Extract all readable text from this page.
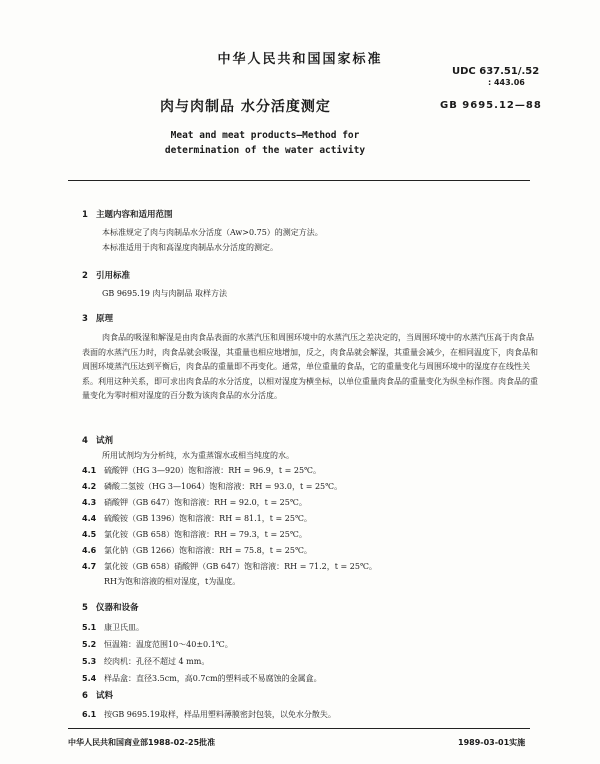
中华人民共和国国家标准
UDC 637.51/.52
: 443.06
肉与肉制品 水分活度测定	GB 9695.12—88
Meat and meat products—Method for
determination of the water activity
1 主题内容和适用范围
本标准规定了肉与肉制品水分活度（Aw>0.75）的测定方法。
本标准适用于肉和高湿度肉制品水分活度的测定。
2 引用标准
GB 9695.19 肉与肉制品 取样方法
3 原理
肉食品的吸湿和解湿是由肉食品表面的水蒸汽压和周围环境中的水蒸汽压之差决定的，当周围环境中的水蒸汽压高于肉食品表面的水蒸汽压力时，肉食品就会吸湿，其重量也相应地增加，反之，肉食品就会解湿，其重量会减少，在相同温度下，肉食品和周围环境蒸汽压达到平衡后，肉食品的重量即不再变化。通常，单位重量的食品，它的重量变化与周围环境中的湿度存在线性关系。利用这种关系，即可求出肉食品的水分活度，以相对湿度为横坐标，以单位重量肉食品的重量变化为纵坐标作图。肉食品的重量变化为零时相对湿度的百分数为该肉食品的水分活度。
4 试剂
所用试剂均为分析纯，水为重蒸馏水或相当纯度的水。
4.1 硫酸钾（HG 3—920）饱和溶液：RH = 96.9，t = 25℃。
4.2 磷酸二氢铵（HG 3—1064）饱和溶液：RH = 93.0，t = 25℃。
4.3 硝酸钾（GB 647）饱和溶液：RH = 92.0，t = 25℃。
4.4 硫酸铵（GB 1396）饱和溶液：RH = 81.1，t = 25℃。
4.5 氯化铵（GB 658）饱和溶液：RH = 79.3，t = 25℃。
4.6 氯化钠（GB 1266）饱和溶液：RH = 75.8，t = 25℃。
4.7 氯化铵（GB 658）硝酸钾（GB 647）饱和溶液：RH = 71.2，t = 25℃。
RH为饱和溶液的相对湿度，t为温度。
5 仪器和设备
5.1 康卫氏皿。
5.2 恒温箱：温度范围10～40±0.1℃。
5.3 绞肉机：孔径不超过 4 mm。
5.4 样品盒：直径3.5cm，高0.7cm的塑料或不易腐蚀的金属盒。
6 试料
6.1 按GB 9695.19取样，样品用塑料薄膜密封包装，以免水分散失。
中华人民共和国商业部1988-02-25批准	1989-03-01实施
